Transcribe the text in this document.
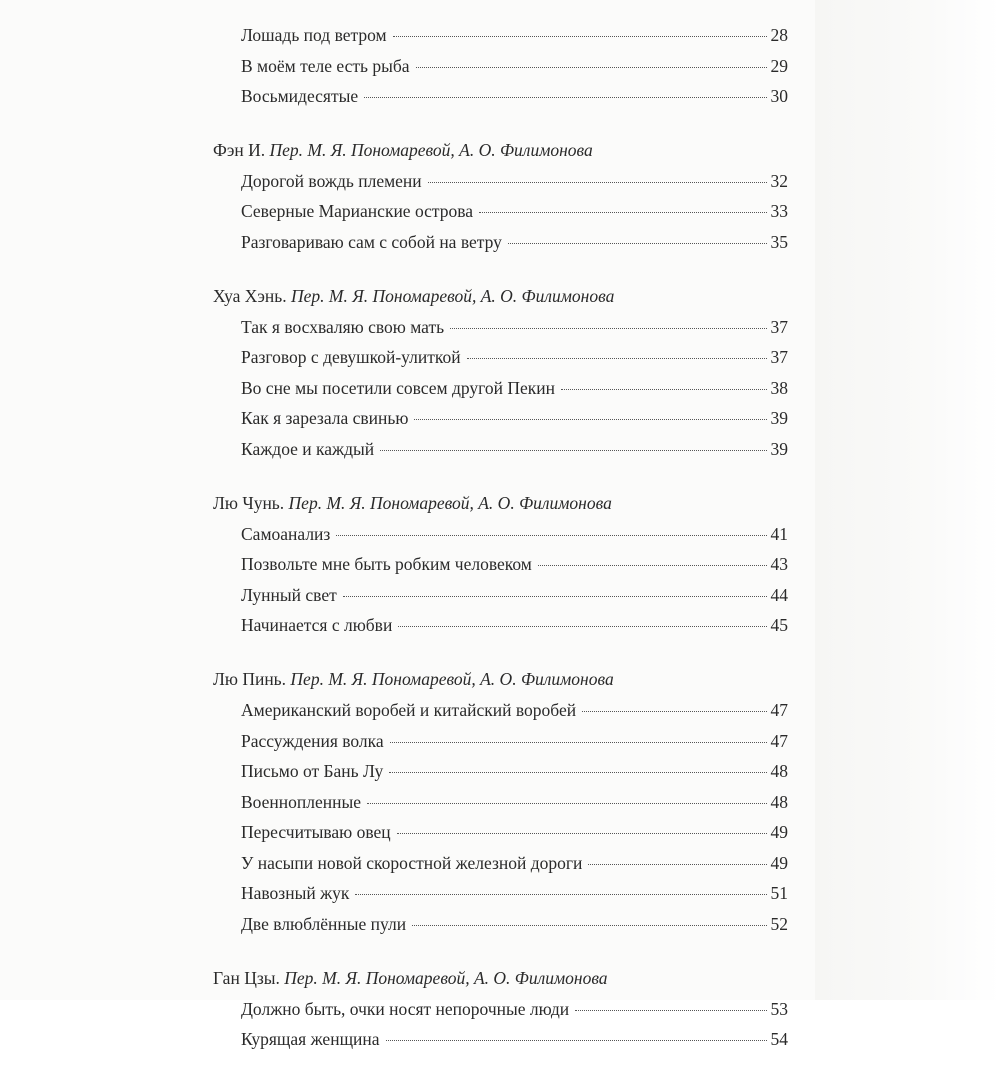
Лошадь под ветром	28
В моём теле есть рыба	29
Восьмидесятые	30
Фэн И. Пер. М. Я. Пономаревой, А. О. Филимонова
Дорогой вождь племени	32
Северные Марианские острова	33
Разговариваю сам с собой на ветру	35
Хуа Хэнь. Пер. М. Я. Пономаревой, А. О. Филимонова
Так я восхваляю свою мать	37
Разговор с девушкой-улиткой	37
Во сне мы посетили совсем другой Пекин	38
Как я зарезала свинью	39
Каждое и каждый	39
Лю Чунь. Пер. М. Я. Пономаревой, А. О. Филимонова
Самоанализ	41
Позвольте мне быть робким человеком	43
Лунный свет	44
Начинается с любви	45
Лю Пинь. Пер. М. Я. Пономаревой, А. О. Филимонова
Американский воробей и китайский воробей	47
Рассуждения волка	47
Письмо от Бань Лу	48
Военнопленные	48
Пересчитываю овец	49
У насыпи новой скоростной железной дороги	49
Навозный жук	51
Две влюблённые пули	52
Ган Цзы. Пер. М. Я. Пономаревой, А. О. Филимонова
Должно быть, очки носят непорочные люди	53
Курящая женщина	54
